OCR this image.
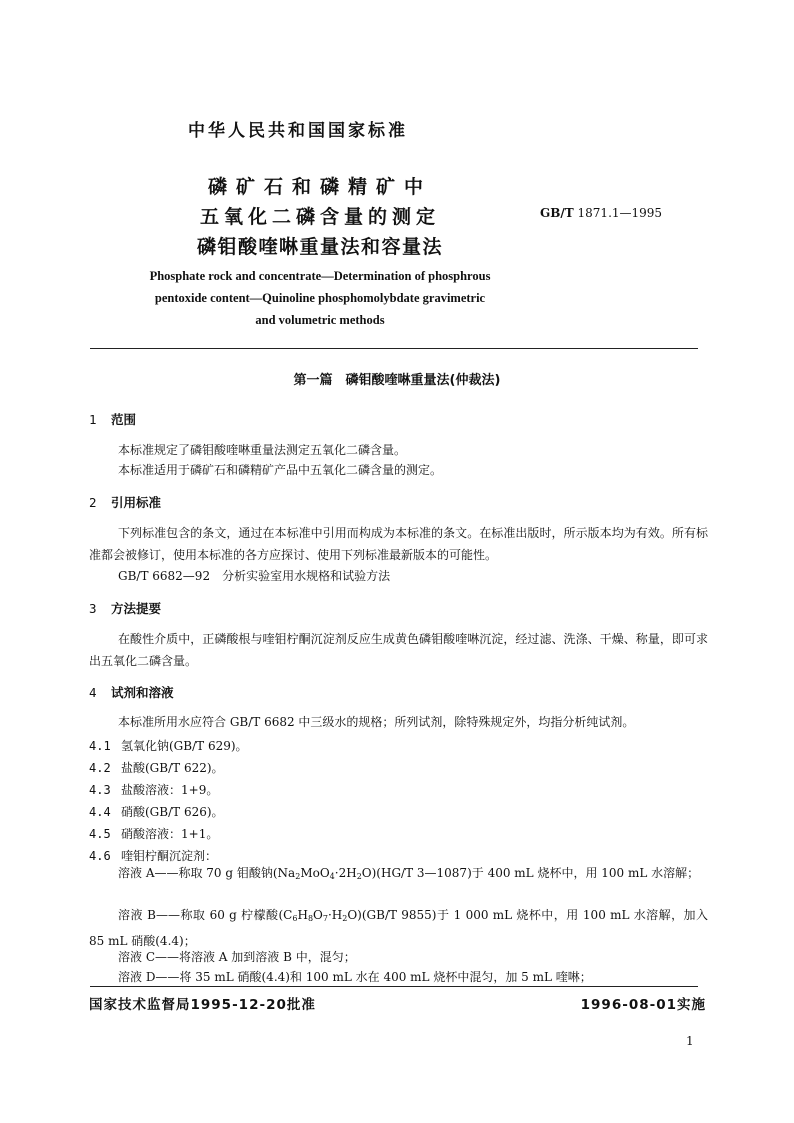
中华人民共和国国家标准
磷矿石和磷精矿中
五氧化二磷含量的测定
磷钼酸喹啉重量法和容量法
GB/T 1871.1—1995
Phosphate rock and concentrate—Determination of phosphrous
pentoxide content—Quinoline phosphomolybdate gravimetric
and volumetric methods
第一篇　磷钼酸喹啉重量法(仲裁法)
1 范围
本标准规定了磷钼酸喹啉重量法测定五氧化二磷含量。
本标准适用于磷矿石和磷精矿产品中五氧化二磷含量的测定。
2 引用标准
下列标准包含的条文，通过在本标准中引用而构成为本标准的条文。在标准出版时，所示版本均为有效。所有标准都会被修订，使用本标准的各方应探讨、使用下列标准最新版本的可能性。
GB/T 6682—92　分析实验室用水规格和试验方法
3 方法提要
在酸性介质中，正磷酸根与喹钼柠酮沉淀剂反应生成黄色磷钼酸喹啉沉淀，经过滤、洗涤、干燥、称量，即可求出五氧化二磷含量。
4 试剂和溶液
本标准所用水应符合 GB/T 6682 中三级水的规格；所列试剂，除特殊规定外，均指分析纯试剂。
4.1 氢氧化钠(GB/T 629)。
4.2 盐酸(GB/T 622)。
4.3 盐酸溶液：1+9。
4.4 硝酸(GB/T 626)。
4.5 硝酸溶液：1+1。
4.6 喹钼柠酮沉淀剂：
溶液 A——称取 70 g 钼酸钠$(Na_2MoO_4\cdot 2H_2O)(HG/T$ 3—1087)于 400 mL 烧杯中，用 100 mL 水溶解；
溶液 B——称取 60 g 柠檬酸$(C_6H_8O_7\cdot H_2O)(GB/T$ 9855)于 1 000 mL 烧杯中，用 100 mL 水溶解，加入 85 mL 硝酸(4.4)；
溶液 C——将溶液 A 加到溶液 B 中，混匀；
溶液 D——将 35 mL 硝酸(4.4)和 100 mL 水在 400 mL 烧杯中混匀，加 5 mL 喹啉；
国家技术监督局1995-12-20批准	1996-08-01实施
1
